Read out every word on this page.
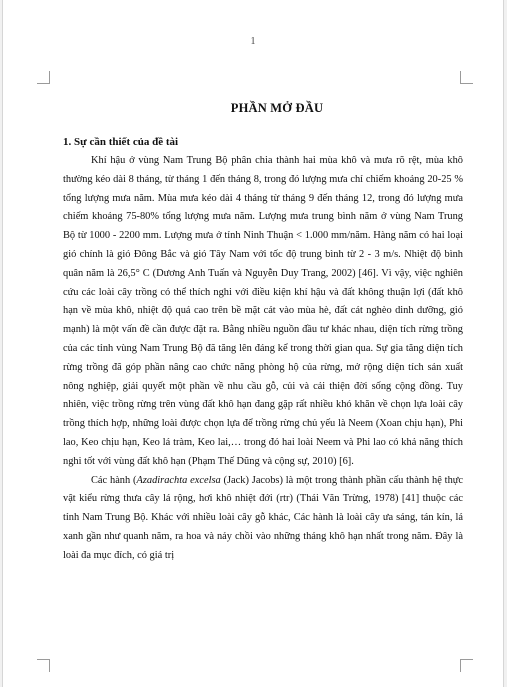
1
PHẦN MỞ ĐẦU
1. Sự cần thiết của đề tài

Khí hậu ở vùng Nam Trung Bộ phân chia thành hai mùa khô và mưa rõ rệt, mùa khô thường kéo dài 8 tháng, từ tháng 1 đến tháng 8, trong đó lượng mưa chỉ chiếm khoảng 20-25 % tổng lượng mưa năm. Mùa mưa kéo dài 4 tháng từ tháng 9 đến tháng 12, trong đó lượng mưa chiếm khoảng 75-80% tổng lượng mưa năm. Lượng mưa trung bình năm ở vùng Nam Trung Bộ từ 1000 - 2200 mm. Lượng mưa ở tỉnh Ninh Thuận < 1.000 mm/năm. Hàng năm có hai loại gió chính là gió Đông Bắc và gió Tây Nam với tốc độ trung bình từ 2 - 3 m/s. Nhiệt độ bình quân năm là 26,5° C (Dương Anh Tuấn và Nguyễn Duy Trang, 2002) [46]. Vì vậy, việc nghiên cứu các loài cây trồng có thể thích nghi với điều kiện khí hậu và đất không thuận lợi (đất khô hạn về mùa khô, nhiệt độ quá cao trên bề mặt cát vào mùa hè, đất cát nghèo dinh dưỡng, gió mạnh) là một vấn đề cần được đặt ra. Bằng nhiều nguồn đầu tư khác nhau, diện tích rừng trồng của các tỉnh vùng Nam Trung Bộ đã tăng lên đáng kể trong thời gian qua. Sự gia tăng diện tích rừng trồng đã góp phần nâng cao chức năng phòng hộ của rừng, mở rộng diện tích sản xuất nông nghiệp, giải quyết một phần về nhu cầu gỗ, củi và cải thiện đời sống cộng đồng. Tuy nhiên, việc trồng rừng trên vùng đất khô hạn đang gặp rất nhiều khó khăn về chọn lựa loài cây trồng thích hợp, những loài được chọn lựa để trồng rừng chủ yếu là Neem (Xoan chịu hạn), Phi lao, Keo chịu hạn, Keo lá tràm, Keo lai,… trong đó hai loài Neem và Phi lao có khả năng thích nghi tốt với vùng đất khô hạn (Phạm Thế Dũng và cộng sự, 2010) [6].

Các hành (Azadirachta excelsa (Jack) Jacobs) là một trong thành phần cấu thành hệ thực vật kiểu rừng thưa cây lá rộng, hơi khô nhiệt đới (rtr) (Thái Văn Trừng, 1978) [41] thuộc các tỉnh Nam Trung Bộ. Khác với nhiều loài cây gỗ khác, Các hành là loài cây ưa sáng, tán kín, lá xanh gần như quanh năm, ra hoa và nảy chồi vào những tháng khô hạn nhất trong năm. Đây là loài đa mục đích, có giá trị
